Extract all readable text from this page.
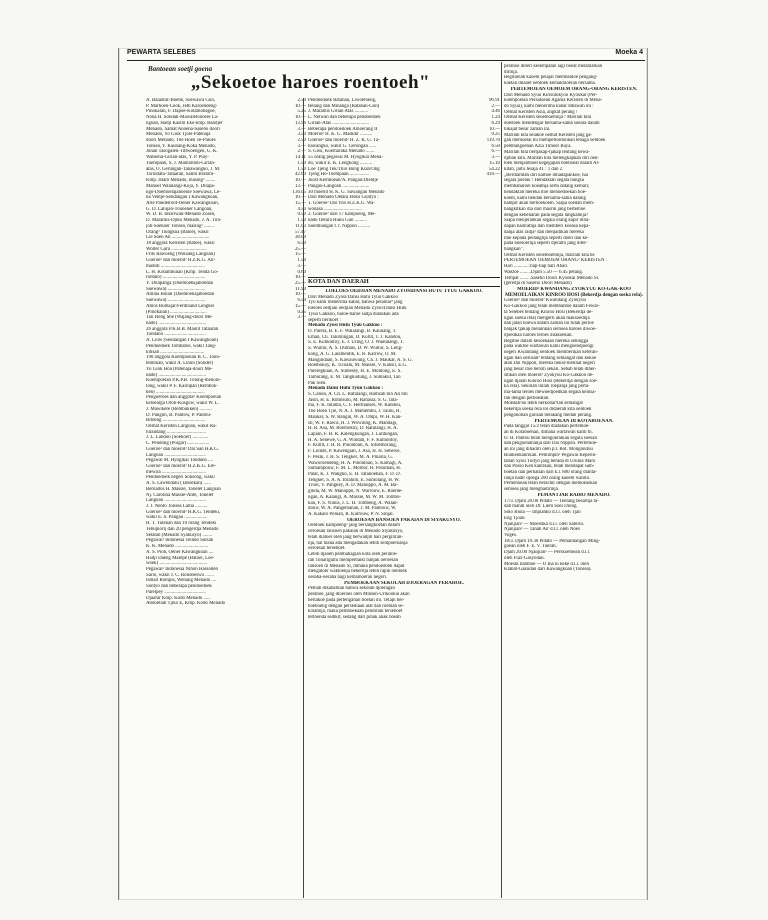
PEWARTA SELEBES	Moeka 4
Bantoean soetji goena
„Sekoetoe haroes roentoeh"
A. Baladraf-Boebe, Soewawa Gun,
P. Marhoen-Ceok, Jeth Karoendeng-
Pinokalan, F. Dapoe-Kotamobagoe,
Nona H. Sondak-Mawaletonoere La-
ngoan, Hadji Kasim Eko-kmp. Bandjer
Menado, Samat Anoena-Saseho doori
Menado, Yo Giok Tjoei-Patenaja
doori Menado, The Hoen Te-Paloes
Tonsea, Y. Kaunang-Koka Menado,
Johan Tasogalen-Tittwoengen, G. K.
Watoena-Girian-atas, Y. P. Piay-
Toempaan, S. J. Mamontoh-Girian-
atas, O. Gerungan-Tanawangko, J. M.
Torindatu-Tataaran, Salim Brahim-
Kmp. Islam Menado, masing² ........
Manuel Walalangi-Koja, Y. Dilapa-
ngo-Doemoelajaboenie Soewawa, Le-
na Ventje-Sendangan I Kawangkoan,
Arie Pandelroot-Oener Kawangkoan,
G. D. Lalujan-Touoener Langoan,
W. D. B. Inkiriwan-Menado Zosen,
D. Maramis-Djiko Menado, J. A. Tira-
joh-Soekoer Tonsea, masing² ........
Orang² Tiongkoa (Batoe), wakil
Lie Soen An ...............................
18 anggota Keristen (Batoe), wakil
Wolter Gara .............................
Frits Rawoeng (Wolaang Langoan)
Goeroe² dan moerid² H.Z.K.G. Air-
madidi ....................................
L. H. Kotambunan (Kmp. Tenda Go-
rontalo) ...................................
Y. Dilapanga (Doemoebajaboedan
Soewawa) ...............................
Amina Bulali (Doemoebajaboedan
Soewawa) ...............................
Amos Rumajar/Ferdinand Lengkei
(Pinokalan) ..............................
Tan Hong She (Wajang-doori Me-
nado) .......................................
26 anggota P.K.B.B. Maulit Tataaran
Tondano ..................................
A. Liuw (Sendangan I Kawangkoan)
Pendoedoek Tombatoe, wakil Tang-
kilisan ....................................
190 anggota Koempoelan B. C. Toun-
temboan, wakil A. Linuh (Sonder)
Yo Giok Hoa (Patenaja-doori Me-
nado) .......................................
Koempoelan P.K.P.B. Tolong-menolo-
long, wakil P. F. Kairupan (Rembok-
ken) ........................................
Pengoeroes dan anggota² Koempoelan
keloearga Oroh-Kosgow, wakil W. L.
J. Mawikere (Rembokken) ..........
D. Pangoh, B. Pantow, P. Pantou-
Bitoeng ...................................
Oemat Keristen Langoan, wakil Ra-
turandang ................................
J. L. Landou (Soekoer) .............
C. Pendong (Poigar) ..................
Goeroe² dan moerid² Dai San H.K.G.
Langoan ..................................
Pegawai M. Hyogikai Tondano ....
Goeroe² dan moerid² H.Z.K.G. Ere-
mewira ....................................
Pendoedoek negeri Sonsong, wakil
A. S. Lawendatu (Taboekan) ......
Bernadus H. Massie, Tonelet Langoan
Nj. Carolina Massie-Ante, Tonelet
Langoan ..................................
J. J. Nento Tonsea Lama ..........
Goeroe² dan moerid² H.K.G. Tendeki,
wakil E. S. Pangau ...................
H. T. Tulenan dan 10 orang Tendeki
Tebupiorij dan 20 pengerdja Menado
Selatan (Menado Syakusyo) ........
Pegawai² Indonesia Teindo Suisan
K. K. Menado ...........................
A. S. Pioh, Oener Kawangkoan ....
Hadji Daeng Marepe (Batoel, Loe-
woek) .......................................
Pegawai² Indonesia Nihon Hassoden
Sario, wakil J. C. Rondoeswu .......
Ismail Rompis, Wenang Menado ....
Sontyo dan beberapa pendoedoek
Pareipey ..................................
Djaafar Kmp. Kodo Menado ......
Abdoellah Tjiko E, Kmp. Kodo Menado
2.50
10.—
5.25
10.—
13.96
3.—
3.50
2.50
3.—
2.—
14.11
1.50
1.50
42.60
10.—
13.—
136.05
10.—
15.—
4.50
0.50
1.50
11.03
57.47
38.09
6.50
25.—
15.—
1.50
3.—
0.60
10.—
25.—
11.90
10.—
6.50
15.—
0.25
3.—
Pendoedoek Ratahan, Liwoetoeng,
Belang dan Minanga (Ratahan-Gun)
J. Maramis Girian Atas ...........
L. Nelwan dan beberapa pendoedoek
Girian-Atas ..............................
Beberapa pendoedoek Amoerang II
Moerid² H. K. G. Madidir ..........
Goeroe² dan moerid² H. Z. K. G. Ta-
nawangko, wakil G. Gerungan ......
S. Gosi, Koemaraka Menado .......
55 orang pegawai M. Hyogikai Mena-
do, wakil E. K. Lengkong ..........
Loe Tjeng Tek/Thio Hong Kian/Ong
Tjeng Ho-Toempaan ................
Joost Kemboean/A. Pangau/Dientje
Pangau-Langoan ......................
30 moerid H. K. G. Sawangan Menado
Dari Menado Oetara Hoku Guntyo :
1. Goeroe² Dai Yon H.Z.K.G. Wa-
wonasa ...............................
2. Goeroe² dari 17 kampoeng, Me-
nado Oetara Huku Gun ..........
Soembangan t. t. Nippon ..........
96.91
2.—
4.46
1.24
6.29
10.—
0.25
119.70
6.50
6.—
3.—
15.10
54.22
410.—
KOTA DAN DAERAH
LOELOES OEDJIAN MENADO ZYOSIDANSI HUTU TYUU GAKKOO.
Dari Menado Zyosi/Dansi Hutu Tyuu Gakkoo
Tyo kami menerima kabar, bahwa pelamar² jang
loeloes oedjian oedjian Menado Zyosi/Dansi Hutu
Tyuu Gakkoo, baroe-baroe sadja diadakan ada
seperti berikoet :
Menado Zyosi Hutu Tyuu Gakkoo :
O. Parera, B. E. F. Walalangi, B. Kaunang, T.
Eman, Ch. Talumingan, D. Kullit, T. J. Kandou,
S. E. Kumontoy, E. J. Uring, O. J. Wantalangi, T.
S. Wullur, A. S. Dumais, D. W. Wullur, S. Leng-
kong, A. G. Lalamentik, E. R. Karrow, O. M.
Mangindaan, S. Kawauwung, Ch. J. Maukar, A. S. G.
Roemokoy, K. Ticoalu, M. Massie, V. Kansil, E.G.
Pareregkuan, A. Sumesey, H. E. Montong, E. S.
Tamurang, E. M. Tangkudung, J. Sumakul, Tan
Pak Sien.
Menado Dansi Hutu Tyuu Gakkoo :
S. Canon, A. Ch. L. Ratulangi, Hamzah bin Ali bin
Jasin, H. E. Rotinsulu, M. Rahasia, S. G. Inta-
ma, F. K. Intama, C. F. Hermanses, W. Kandou,
The Boen Tjie, N. A. J. Mamembu, J. Taulu, H.
Maukar, S. W. Rangin, W. A. Ompi, W. H. Kan-
sil, W. F. Rawis, H. J. Wowiling, K. Mandagi,
H. R. Asa, M. Roemokoy, D. Ratulangi, H. A.
Lapian, F. H. R. Kalengkongan, J. Luntungan,
H. A. Senewe, G. A. Windah, F. F. Kumontoy,
F. Kullit, J. H. R. Pinontoan, A. Sitoemorang,
F. Loinds, P. Kawengian, J. Asa, H. H. Senewe,
F. Pesik, J. H. S. Tengker, M. A. Pinaria, G.
Waworoendeng, H. A. Pinontoan, S. Kamagi, A.
Sumampouw, F. M. L. Momor, H. Posumah, H.
Palar, K. J. Wangko, E. H. Tatanoehan, F. D. D.
Tengker, S. A. A. Ibrahim, E. Sumolang, H. W.
Troot, V. Pangkey, A. D. Manoppo, A. M. Ba-
ginda, M. W. Manoppo, N. Warrouw, E. Roeme-
ngan, A. Kalangi, A. Massie, M. W. M. Tombo-
kan, F. S. Yunus, J. L. H. Tombeng, A. Walan-
douw, W. A. Pangemanan, J. M. Pantouw, W.
A. Kakalo Poluan, R. Karrouw, P. N. Sinjal.
OEROESAN BANSOEN PAKAIAN DI SIYAKUSYO.
Oentoek kampoeng² jang bersangkoetan dalam
oeroesan ransoen pakaian di Menado Siyakusyo,
telah diatoer oleh jang berwadjib hari pergiliran-
nja, hal mana ada mengadakan lebih sempoernanja
oeroesan terseboet.
Lebih djaoeh pembahagian kota oleh peratoe-
ran Tonarigumi memperbaiki banjak oeroesan
ransoen di Menado Si, dimana pendoedoek dapat
mengatoer waktoenja bekerdja lebih rapih oentoek
oesaha-oesaha bagi kemamoeran negeri.
PEMBOEKAAN SEKOLAH DJOERAGAN PERAHOE.
Pemah dikabarkan bahwa sekolah djoeragan
perahoe, jang dioeroes oleh Minsen-Urikookai akan
berlakoe pada pertengahan boelan ini. Tetapi ber-
hoeboeng dengan persediaan alat dan roemah se-
kolahnja, maka pemboekaan pendirian terseboet
tertoenda sedikit, sedang dari pihak anak boeah
perahoe diberi kesempatan lagi boeat melamarkan
dirinja.
Begitoelah kaoem pelajar membantoe pengang-
koetan dilaoet oentoek kemakmoeran bersama.
PERTEMOEAN OEMOEM ORANG-ORANG KERISTEN.
Dari Menado Syuu Kirisutokyoo Kyookai (Per-
koempoelan Persatoean Agama Keristen di Mena-
do Syuu), kami menerima kabar dibawah ini :
Oemat Keristen Asia, angkat perang !
Oemat Keristen seoemoemnja ! Marilah kita
doedoek mendengar bersama-sama soeara dalam
hikajat besar zaman ini.
Marilah kita selakoe oemat Keristen jang ga-
gah memoelai ini mempertontonkan tenaga oentoek
pembangoenan Azia Timoer Raya.
Marilah kita bertjakap-tjakap tentang kewa-
djiban kita. Marilah kita melengkapkan diri oen-
toek menjamboet kegegapan boeboeat dalam Al-
kitab, jaitu Jesaja 41 : 1 dan 2.
„Berdiamlah diri kamoe dihadapankoe, hai
segala poelau ! Hendaklah segala bangsa
membaharoei koeatnja serta datang kemari;
hendaklah mereka itoe menoedoekan hoe-
koem, kami hendak bersama-sama datang
hampir akan berhoekoem. Siapa soedah mem-
bangkitkan dia dari masrik jang bertemoe
dengan kebenaran pada segala langkahnja?
Siapa menjerahkan segala orang kapir diha-
dapan hadiratnja dan memberi koeasa kepa-
danja atas radja² dan menjadikan mereka
itoe kepada pedangnja seperti doeli dan ke-
pada boesoernja seperti djerami jang diter-
bangkan".
Oemat Keristen seoemoemnja, marilah kita ke
PERTEMOEAN OEMOEM ORANG² KERISTEN :
Hari ............Tiap-tiap hari Ahad.
Waktoe .........Djam 5.50 — 6.45 petang.
Tempat .........Saseho Doori Kyookai Menado Si.
(geredja di Saseho Doori Menado)
MOERID² KWANDANG ZYOKYUU KO-GAK-KOO MEMOELAIKAN KINROO HOSI (Bekerdja dengan soeka rela).
Goeroe² dan moerid² Kwandang Zyokyuu
Ko-Gakkoo jang telah membantoe dalam Fewar-
ta Selebes tentang Kinroo Hosi (Bekerdja de-
ngan soeka rela) mengerti akan maksoednja
dan jalan boewa dalam zaman ini tidak perloe
banjak tjakap melainkan semoea haroes diwoe-
djoedkan haroes teroes dilakoekan.
Begitoe dalam kesoekaan mereka sehingga
pada waktoe wartawan kami mengoendjoengi
negeri Kwandang oentoek memberikan keteran-
ngan dan oerusan² tentang semangat dan kekoe
atan Dai Nippon, mereka benar-melihat negeri
jang besar itoe bersih sekali. Sebab telah diber-
sihkan oleh moerid² Zyokyuu Ko-Gakkoo de-
ngan djalan Kinroo Hosi (Bekerdja dengan soe-
ka rela). Sekolah inilah roepanja jang perta-
ma-tama teroes mewoedjoedkan segala keinsa-
fan dengan perboeatan.
Moedah²an lebih berkobar²lah semangat
bekerdja soeka rela ini didaerah kita oentoek
pengokohan garisan belakang medan perang.
PERTEMOEAN DI KOTABOENAN.
Pada tanggal 15/2 telah diadakan pertemoe-
an di Kotaboenan, dimana wartawan kami tn.
O. H. Pantou telah mengoeraikan segala soesah
dan pengoelamanja dari Dai Nippon. Pertemoe-
an ini jang dihadiri oleh p.t. Bot. Mongondou
Bunkenkanrikan. Pemimpin² Pegawai Keperin-
tahan Syuu Tiutyo jang berada di Urunia Maru
dan Posso Ken kanrikan, telah mendapat sam-
boetan dan perhatian dari k.l. 800 orang dianta-
ranja hadir djoega 200 orang kaoem wanita.
Pertemoean telah berachir dengan memoeaskan
semoea jang menghadirinja.
PEMANTJAR RADIO MENADO.
17/3. Djam 20.00 Pidato — Tentang besarnja ta-
dah mandi oleh Dr. Liem Soei Diong.
Solo Biola — Impianku d.l.l. oleh Tjan
Eng Tjoan.
Njanjian² — Moestika d.l.l. oleh Sabirin.
Njanjian² — Tanah Air d.l.l. oleh Noes
Voges.
18/3. Djam 19.30 Pidato — Pemandangan Ming-
goean oleh F. E. V. Tuerah.
Djam 20.00 Njanjian² — Perskoetoean d.l.l.
oleh Fuzi-Gasyodan.
Moesik bamboe — O Ina ni keke d.l.l. oleh
Klabat-Gakudan dari Kawangkoan (Tonsea).
